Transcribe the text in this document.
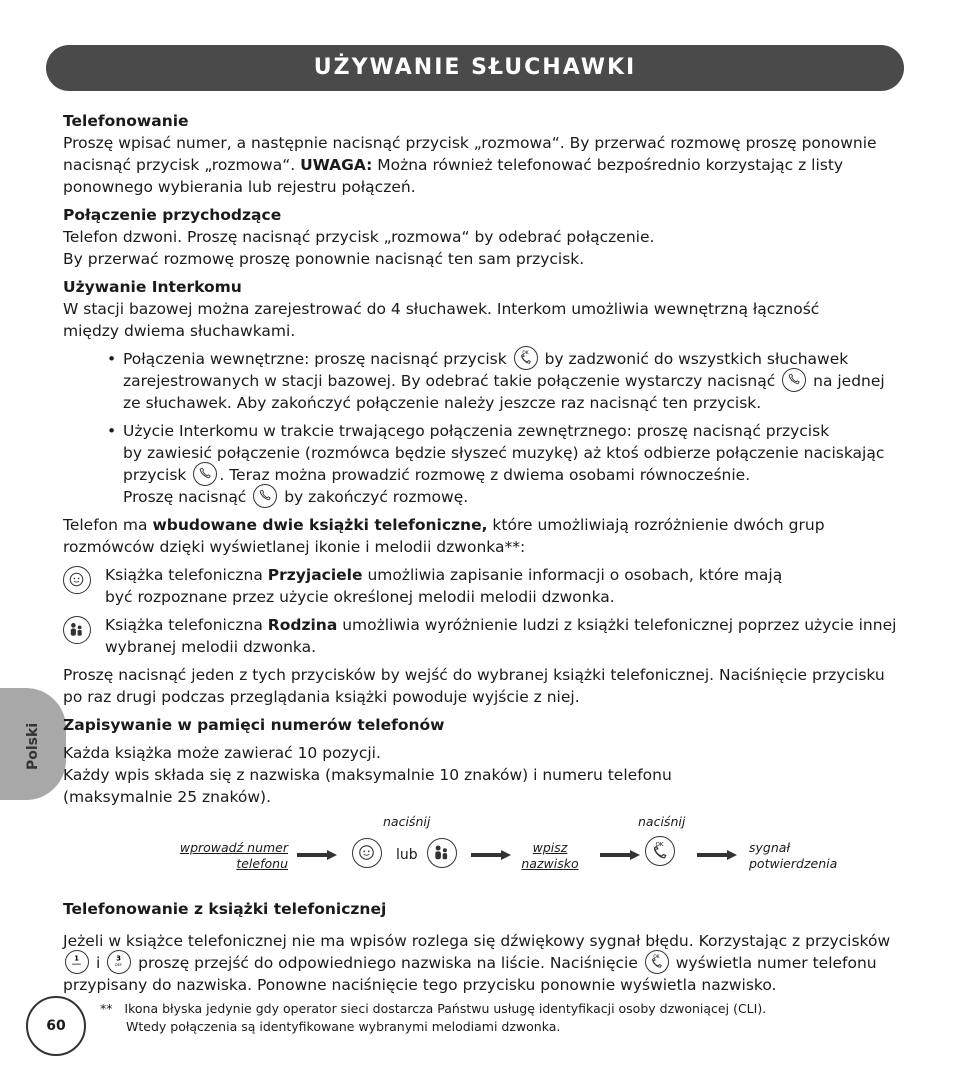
UŻYWANIE SŁUCHAWKI
Polski
Telefonowanie

Proszę wpisać numer, a następnie nacisnąć przycisk „rozmowa“. By przerwać rozmowę proszę ponownie
nacisnąć przycisk „rozmowa“. UWAGA: Można również telefonować bezpośrednio korzystając z listy
ponownego wybierania lub rejestru połączeń.

Połączenie przychodzące

Telefon dzwoni. Proszę nacisnąć przycisk „rozmowa“ by odebrać połączenie.
By przerwać rozmowę proszę ponownie nacisnąć ten sam przycisk.

Używanie Interkomu

W stacji bazowej można zarejestrować do 4 słuchawek. Interkom umożliwia wewnętrzną łączność
między dwiema słuchawkami.

• Połączenia wewnętrzne: proszę nacisnąć przycisk	OK by zadzwonić do wszystkich słuchawek
zarejestrowanych w stacji bazowej. By odebrać takie połączenie wystarczy nacisnąć na jednej
ze słuchawek. Aby zakończyć połączenie należy jeszcze raz nacisnąć ten przycisk.
• Użycie Interkomu w trakcie trwającego połączenia zewnętrznego: proszę nacisnąć przycisk
by zawiesić połączenie (rozmówca będzie słyszeć muzykę) aż ktoś odbierze połączenie naciskając
przycisk . Teraz można prowadzić rozmowę z dwiema osobami równocześnie.
Proszę nacisnąć by zakończyć rozmowę.

Telefon ma wbudowane dwie książki telefoniczne, które umożliwiają rozróżnienie dwóch grup
rozmówców dzięki wyświetlanej ikonie i melodii dzwonka**:

Książka telefoniczna Przyjaciele umożliwia zapisanie informacji o osobach, które mają
być rozpoznane przez użycie określonej melodii melodii dzwonka.
Książka telefoniczna Rodzina umożliwia wyróżnienie ludzi z książki telefonicznej poprzez użycie innej
wybranej melodii dzwonka.

Proszę nacisnąć jeden z tych przycisków by wejść do wybranej książki telefonicznej. Naciśnięcie przycisku
po raz drugi podczas przeglądania książki powoduje wyjście z niej.

Zapisywanie w pamięci numerów telefonów

Każda książka może zawierać 10 pozycji.
Każdy wpis składa się z nazwiska (maksymalnie 10 znaków) i numeru telefonu
(maksymalnie 25 znaków).

naciśnij	naciśnij
wprowadź numer
telefonu
lub	wpisz
nazwisko
OK	sygnał
potwierdzenia
Telefonowanie z książki telefonicznej

Jeżeli w książce telefonicznej nie ma wpisów rozlega się dźwiękowy sygnał błędu. Korzystając z przycisków

1 i 3
DEF proszę przejść do odpowiedniego nazwiska na liście. Naciśnięcie	OK wyświetla numer telefonu
przypisany do nazwiska. Ponowne naciśnięcie tego przycisku ponownie wyświetla nazwisko.

60
** Ikona błyska jedynie gdy operator sieci dostarcza Państwu usługę identyfikacji osoby dzwoniącej (CLI).
Wtedy połączenia są identyfikowane wybranymi melodiami dzwonka.
